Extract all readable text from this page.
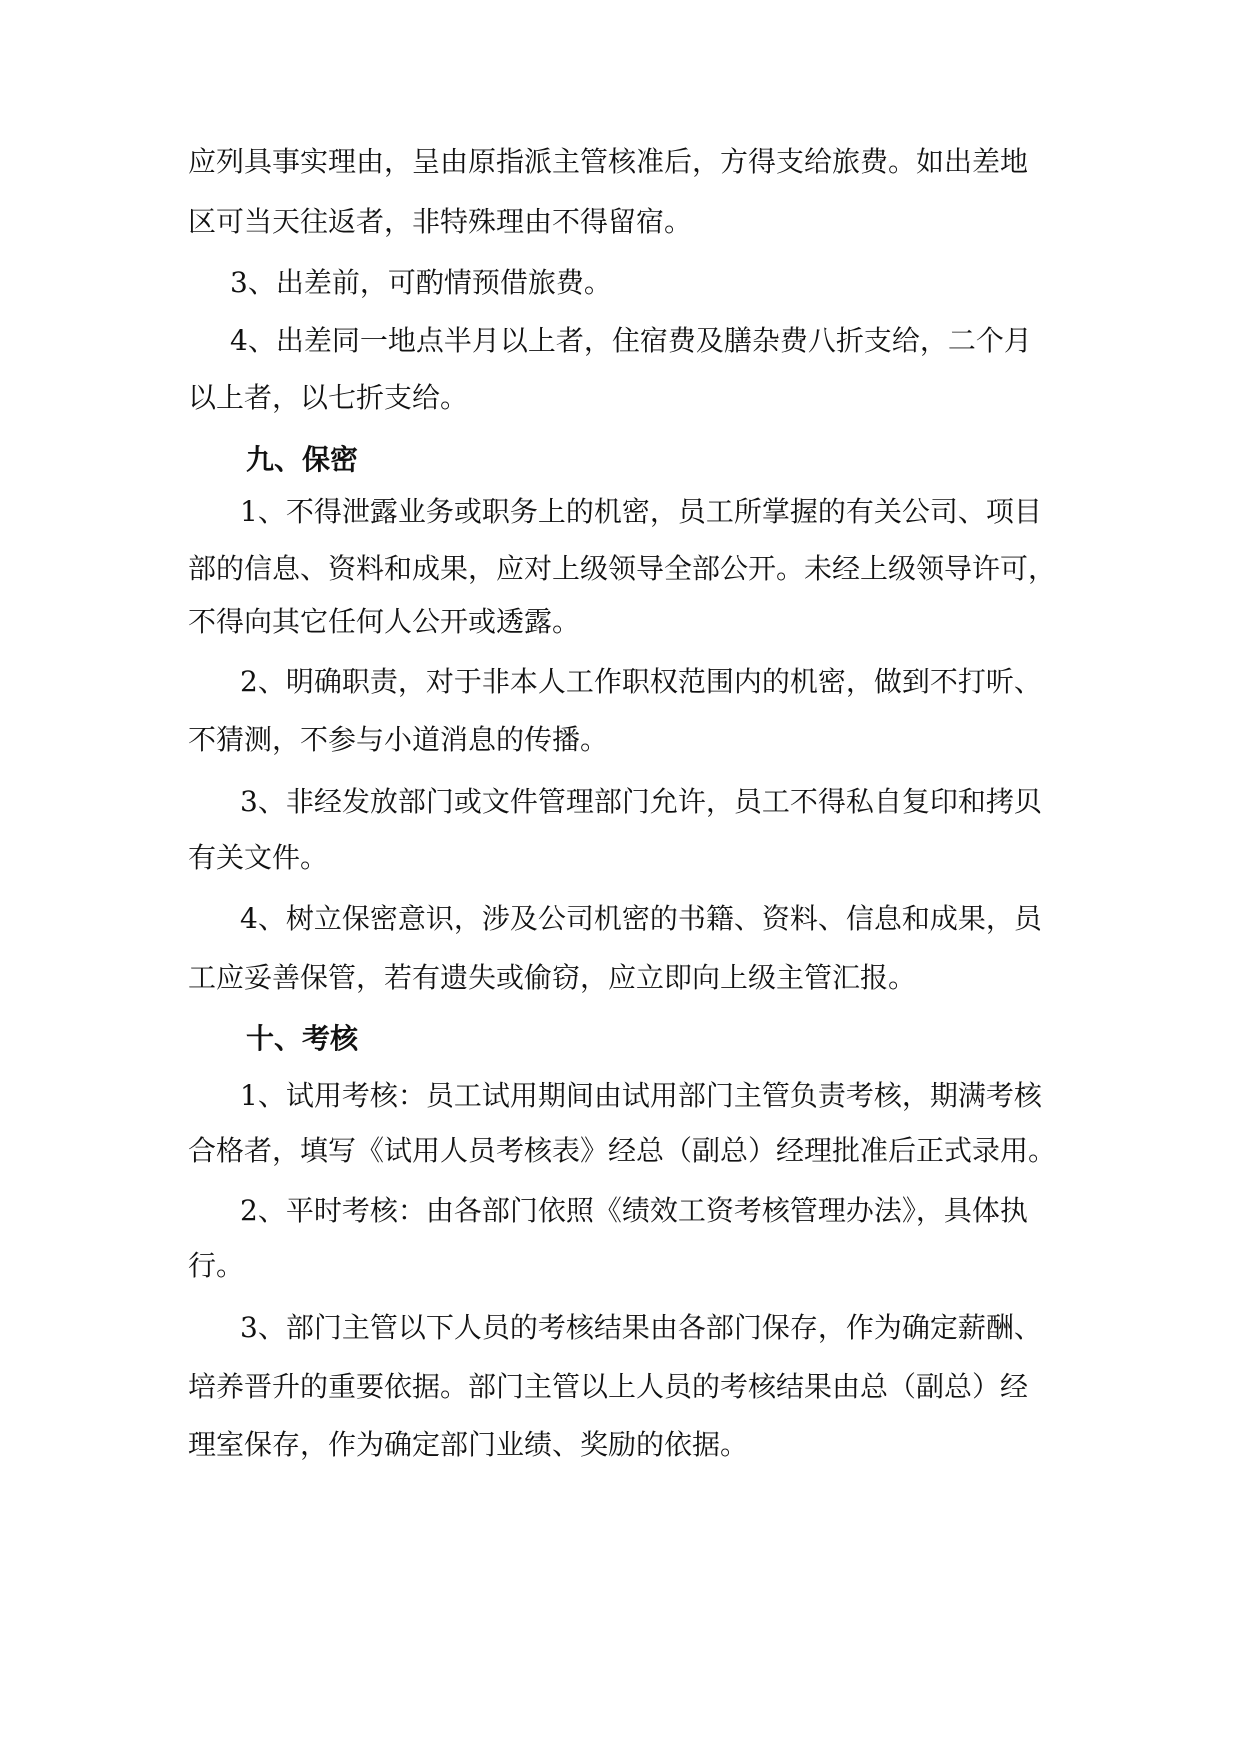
应列具事实理由，呈由原指派主管核准后，方得支给旅费。如出差地
区可当天往返者，非特殊理由不得留宿。
3、出差前，可酌情预借旅费。
4、出差同一地点半月以上者，住宿费及膳杂费八折支给，二个月
以上者，以七折支给。
九、保密
1、不得泄露业务或职务上的机密，员工所掌握的有关公司、项目
部的信息、资料和成果，应对上级领导全部公开。未经上级领导许可，
不得向其它任何人公开或透露。
2、明确职责，对于非本人工作职权范围内的机密，做到不打听、
不猜测，不参与小道消息的传播。
3、非经发放部门或文件管理部门允许，员工不得私自复印和拷贝
有关文件。
4、树立保密意识，涉及公司机密的书籍、资料、信息和成果，员
工应妥善保管，若有遗失或偷窃，应立即向上级主管汇报。
十、考核
1、试用考核：员工试用期间由试用部门主管负责考核，期满考核
合格者，填写《试用人员考核表》经总（副总）经理批准后正式录用。
2、平时考核：由各部门依照《绩效工资考核管理办法》，具体执
行。
3、部门主管以下人员的考核结果由各部门保存，作为确定薪酬、
培养晋升的重要依据。部门主管以上人员的考核结果由总（副总）经
理室保存，作为确定部门业绩、奖励的依据。
